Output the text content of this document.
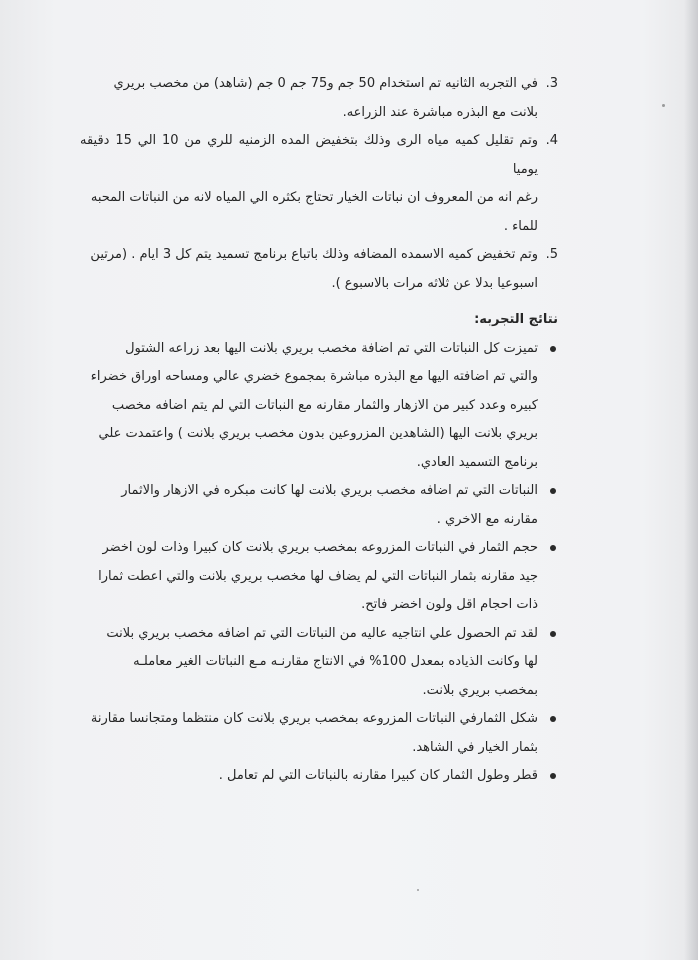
3.
في التجربه الثانيه تم استخدام 50 جم و75 جم 0 جم (شاهد) من مخصب بريري
بلانت مع البذره مباشرة عند الزراعه.
4.
وتم تقليل كميه مياه الرى وذلك بتخفيض المده الزمنيه للري من 10 الي 15 دقيقه يوميا
رغم انه من المعروف ان نباتات الخيار تحتاج بكثره الي المياه لانه من النباتات المحبه
للماء .
5.
وتم تخفيض كميه الاسمده المضافه وذلك باتباع برنامج تسميد يتم كل 3 ايام . (مرتين
اسبوعيا بدلا عن ثلاثه مرات بالاسبوع ).
نتائج التجربه:
تميزت كل النباتات التي تم اضافة مخصب بريري بلانت اليها بعد زراعه الشتول
والتي تم اضافته اليها مع البذره مباشرة بمجموع خضري عالي ومساحه اوراق خضراء
كبيره وعدد كبير من الازهار والثمار مقارنه مع النباتات التي لم يتم اضافه مخصب
بريري بلانت اليها (الشاهدين المزروعين بدون مخصب بريري بلانت ) واعتمدت علي
برنامج التسميد العادي.
النباتات التي تم اضافه مخصب بريري بلانت لها كانت مبكره في الازهار والاثمار
مقارنه مع الاخري .
حجم الثمار في النباتات المزروعه بمخصب بريري بلانت كان كبيرا وذات لون اخضر
جيد مقارنه بثمار النباتات التي لم يضاف لها مخصب بريري بلانت والتي اعطت ثمارا
ذات احجام اقل ولون اخضر فاتح.
لقد تم الحصول علي انتاجيه عاليه من النباتات التي تم اضافه مخصب بريري بلانت
لها وكانت الذياده بمعدل 100% في الانتاج مقارنـه مـع النباتات الغير معاملـه
بمخصب بريري بلانت.
شكل الثمارفي النباتات المزروعه بمخصب بريري بلانت كان منتظما ومتجانسا مقارنة
بثمار الخيار في الشاهد.
قطر وطول الثمار كان كبيرا مقارنه بالنباتات التي لم تعامل .
